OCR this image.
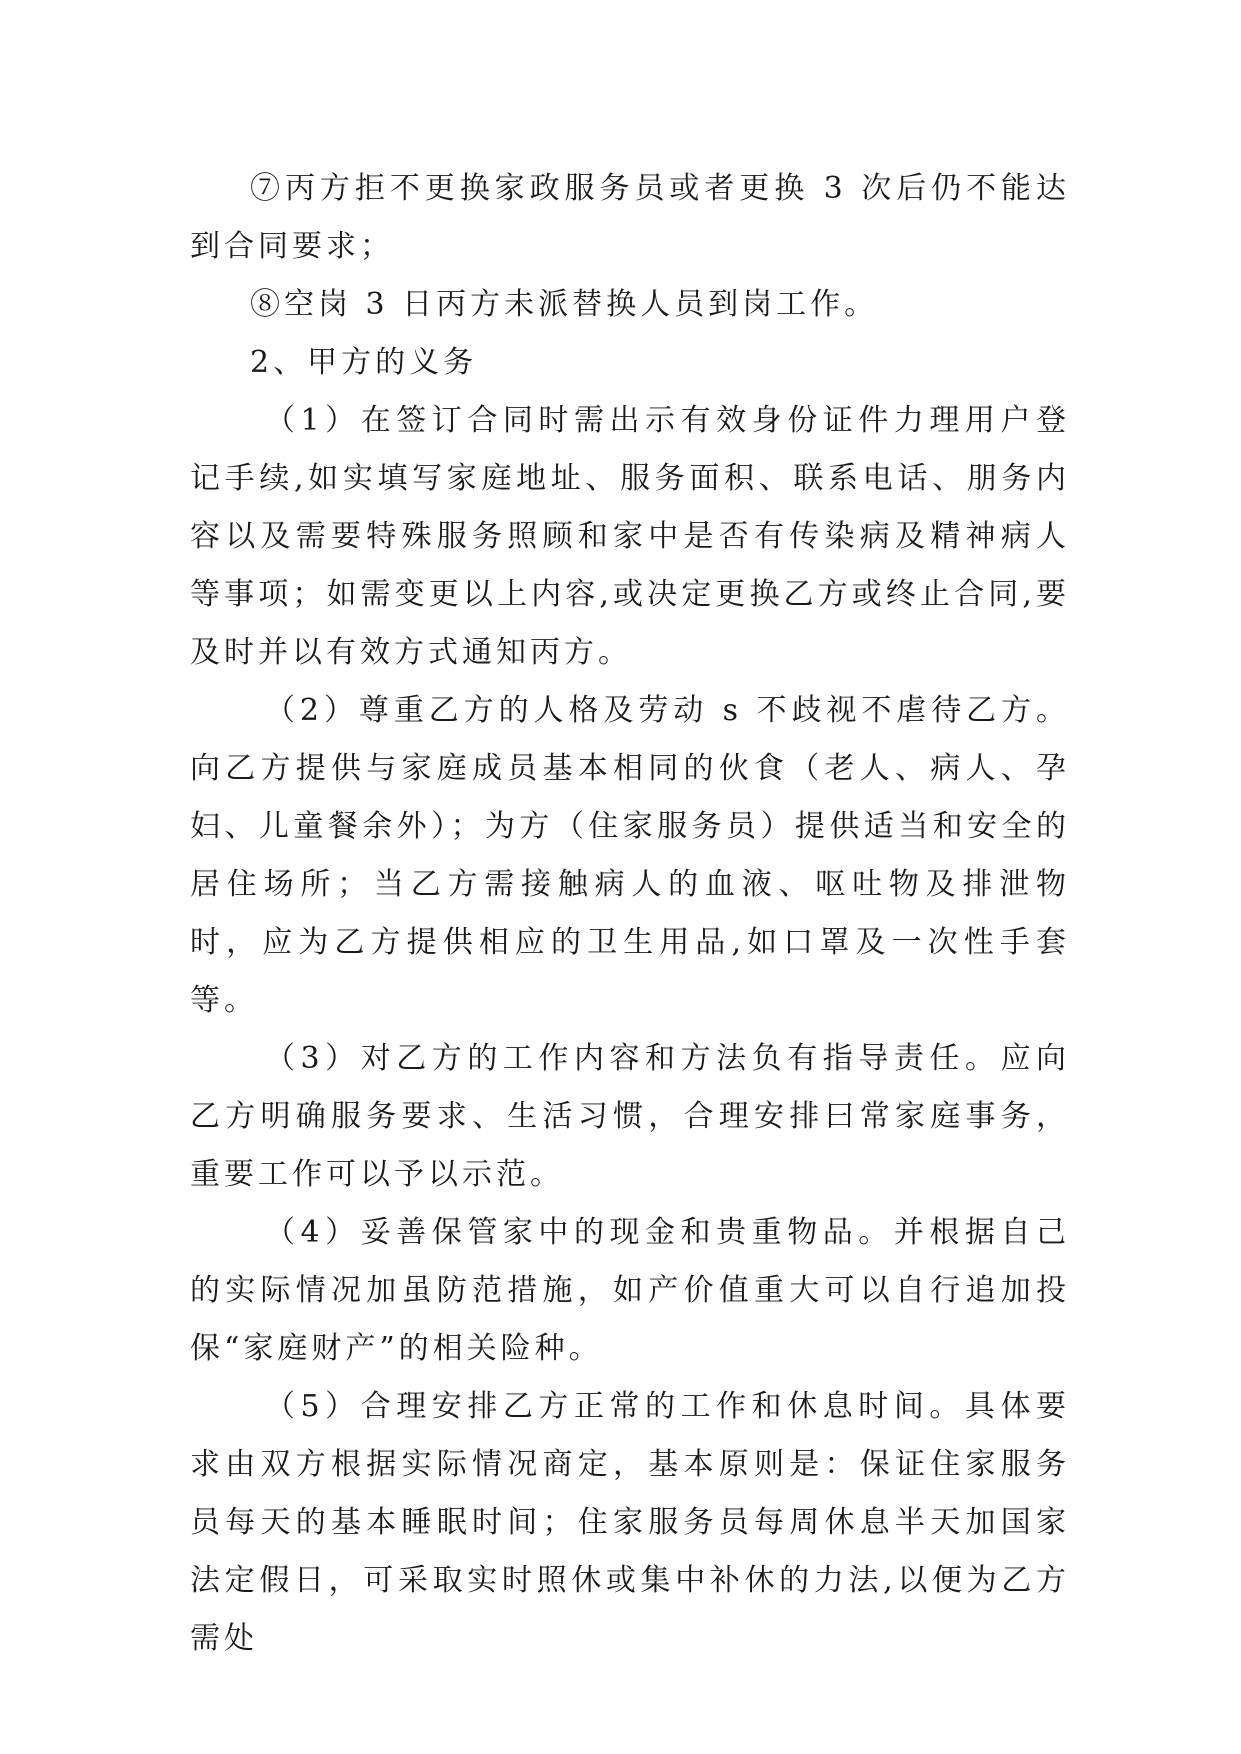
⑦丙方拒不更换家政服务员或者更换 3 次后仍不能达到合同要求；

⑧空岗 3 日丙方未派替换人员到岗工作。

2、甲方的义务

（1）在签订合同时需出示有效身份证件力理用户登记手续,如实填写家庭地址、服务面积、联系电话、朋务内容以及需要特殊服务照顾和家中是否有传染病及精神病人等事项；如需变更以上内容,或决定更换乙方或终止合同,要及时并以有效方式通知丙方。

（2）尊重乙方的人格及劳动 s 不歧视不虐待乙方。向乙方提供与家庭成员基本相同的伙食（老人、病人、孕妇、儿童餐余外）；为方（住家服务员）提供适当和安全的居住场所；当乙方需接触病人的血液、呕吐物及排泄物时，应为乙方提供相应的卫生用品,如口罩及一次性手套等。

（3）对乙方的工作内容和方法负有指导责任。应向乙方明确服务要求、生活习惯，合理安排曰常家庭事务，重要工作可以予以示范。

（4）妥善保管家中的现金和贵重物品。并根据自己的实际情况加虽防范措施，如产价值重大可以自行追加投保“家庭财产”的相关险种。

（5）合理安排乙方正常的工作和休息时间。具体要求由双方根据实际情况商定，基本原则是：保证住家服务员每天的基本睡眠时间；住家服务员每周休息半天加国家法定假日，可采取实时照休或集中补休的力法,以便为乙方需处
